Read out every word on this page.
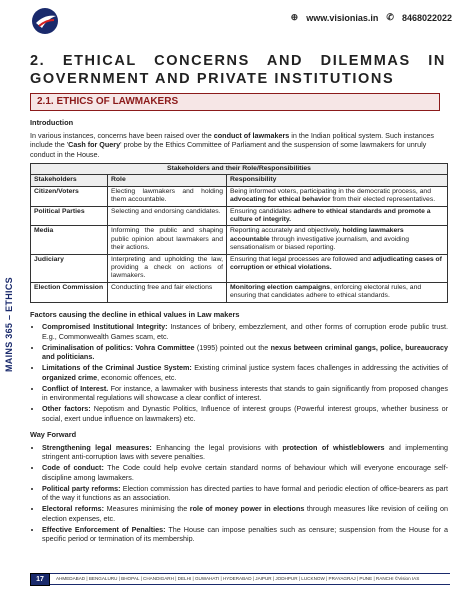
⊕ www.visionias.in ✆ 8468022022
MAINS 365 – ETHICS
2. ETHICAL CONCERNS AND DILEMMAS IN GOVERNMENT AND PRIVATE INSTITUTIONS
2.1. ETHICS OF LAWMAKERS
Introduction
In various instances, concerns have been raised over the conduct of lawmakers in the Indian political system. Such instances include the 'Cash for Query' probe by the Ethics Committee of Parliament and the suspension of some lawmakers for unruly conduct in the House.
Stakeholders and their Role/Responsibilities		
Stakeholders	Role	Responsibility
Citizen/Voters	Electing lawmakers and holding them accountable.	Being informed voters, participating in the democratic process, and advocating for ethical behavior from their elected representatives.
Political Parties	Selecting and endorsing candidates.	Ensuring candidates adhere to ethical standards and promote a culture of integrity.
Media	Informing the public and shaping public opinion about lawmakers and their actions.	Reporting accurately and objectively, holding lawmakers accountable through investigative journalism, and avoiding sensationalism or biased reporting.
Judiciary	Interpreting and upholding the law, providing a check on actions of lawmakers.	Ensuring that legal processes are followed and adjudicating cases of corruption or ethical violations.
Election Commission	Conducting free and fair elections	Monitoring election campaigns, enforcing electoral rules, and ensuring that candidates adhere to ethical standards.
Factors causing the decline in ethical values in Law makers
• Compromised Institutional Integrity: Instances of bribery, embezzlement, and other forms of corruption erode public trust. E.g., Commonwealth Games scam, etc.
• Criminalisation of politics: Vohra Committee (1995) pointed out the nexus between criminal gangs, police, bureaucracy and politicians.
• Limitations of the Criminal Justice System: Existing criminal justice system faces challenges in addressing the activities of organized crime, economic offences, etc.
• Conflict of Interest. For instance, a lawmaker with business interests that stands to gain significantly from proposed changes in environmental regulations will showcase a clear conflict of interest.
• Other factors: Nepotism and Dynastic Politics, Influence of interest groups (Powerful interest groups, whether business or social, exert undue influence on lawmakers) etc.
Way Forward
• Strengthening legal measures: Enhancing the legal provisions with protection of whistleblowers and implementing stringent anti-corruption laws with severe penalties.
• Code of conduct: The Code could help evolve certain standard norms of behaviour which will everyone encourage self-discipline among lawmakers.
• Political party reforms: Election commission has directed parties to have formal and periodic election of office-bearers as part of the way it functions as an association.
• Electoral reforms: Measures minimising the role of money power in elections through measures like revision of ceiling on election expenses, etc.
• Effective Enforcement of Penalties: The House can impose penalties such as censure; suspension from the House for a specific period or termination of its membership.
17	AHMEDABAD | BENGALURU | BHOPAL | CHANDIGARH | DELHI | GUWAHATI | HYDERABAD | JAIPUR | JODHPUR | LUCKNOW | PRAYAGRAJ | PUNE | RANCHI ©Vision IAS
